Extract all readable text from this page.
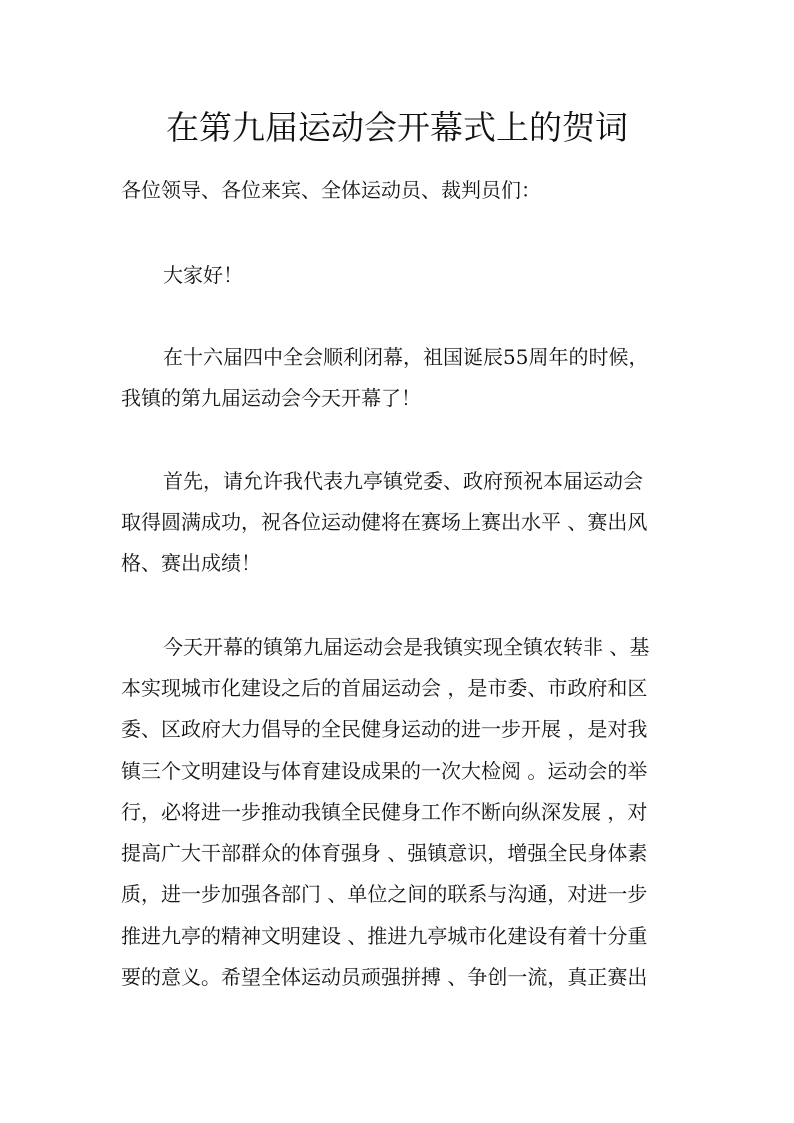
在第九届运动会开幕式上的贺词

各位领导、各位来宾、全体运动员、裁判员们：

大家好！

在十六届四中全会顺利闭幕，祖国诞辰55周年的时候，

我镇的第九届运动会今天开幕了！

首先，请允许我代表九亭镇党委、政府预祝本届运动会

取得圆满成功，祝各位运动健将在赛场上赛出水平 、赛出风

格、赛出成绩！

今天开幕的镇第九届运动会是我镇实现全镇农转非 、基

本实现城市化建设之后的首届运动会 ，是市委、市政府和区

委、区政府大力倡导的全民健身运动的进一步开展 ，是对我

镇三个文明建设与体育建设成果的一次大检阅 。运动会的举

行，必将进一步推动我镇全民健身工作不断向纵深发展 ，对

提高广大干部群众的体育强身 、强镇意识，增强全民身体素

质，进一步加强各部门 、单位之间的联系与沟通，对进一步

推进九亭的精神文明建设 、推进九亭城市化建设有着十分重

要的意义。希望全体运动员顽强拼搏 、争创一流，真正赛出
